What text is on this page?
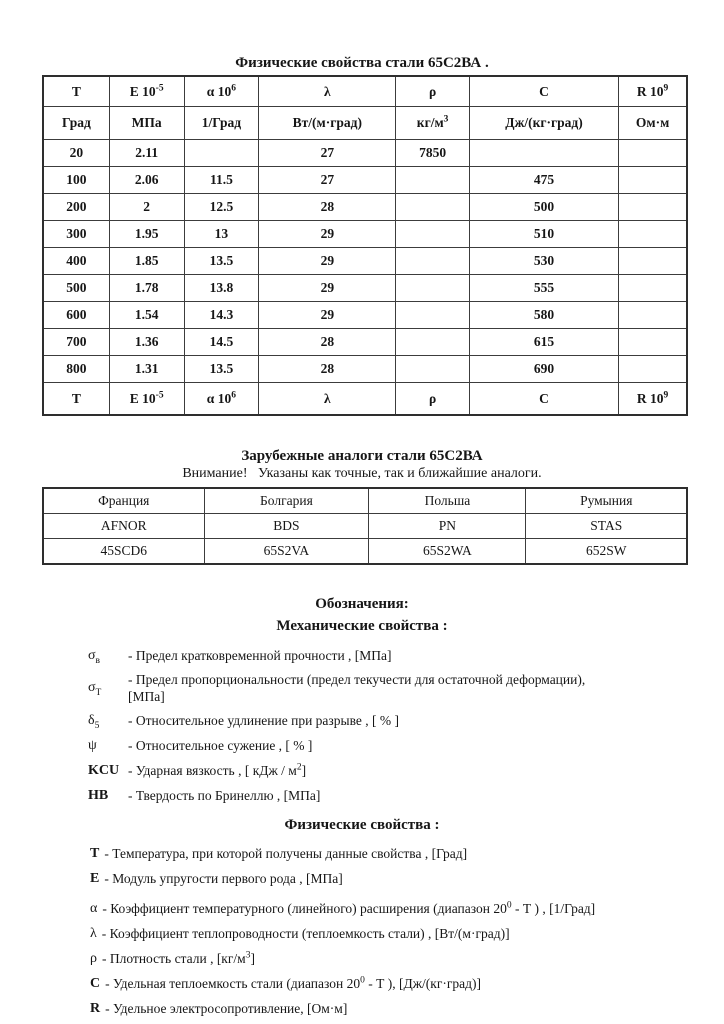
Физические свойства стали 65С2ВА .
Т	Е $10^{-5}$	α $10^6$	λ	ρ	С	R $10^9$
Град	МПа	1/Град	Вт/(м·град)	$кг/м^3$	Дж/(кг·град)	Ом·м
20	2.11		27	7850		
100	2.06	11.5	27		475	
200	2	12.5	28		500	
300	1.95	13	29		510	
400	1.85	13.5	29		530	
500	1.78	13.8	29		555	
600	1.54	14.3	29		580	
700	1.36	14.5	28		615	
800	1.31	13.5	28		690	
Т	Е $10^{-5}$	α $10^6$	λ	ρ	С	R $10^9$
Зарубежные аналоги стали 65С2ВА
Внимание!   Указаны как точные, так и ближайшие аналоги.
Франция	Болгария	Польша	Румыния
AFNOR	BDS	PN	STAS
45SCD6	65S2VA	65S2WA	652SW
Обозначения:
Механические свойства :
$\sigma_в$	- Предел кратковременной прочности , [МПа]
$\sigma_Т$
- Предел пропорциональности (предел текучести для остаточной деформации),
[МПа]
$\delta_5$	- Относительное удлинение при разрыве , [ % ]
ψ	- Относительное сужение , [ % ]
KCU - Ударная вязкость , [ кДж / $м^2$]
НВ	- Твердость по Бринеллю , [МПа]
Физические свойства :
Т - Температура, при которой получены данные свойства , [Град]
Е - Модуль упругости первого рода , [МПа]
α - Коэффициент температурного (линейного) расширения (диапазон $20^0$ - Т ) , [1/Град]
λ - Коэффициент теплопроводности (теплоемкость стали) , [Вт/(м·град)]
ρ - Плотность стали , $[кг/м^3]$
С - Удельная теплоемкость стали (диапазон $20^0$ - Т ), [Дж/(кг·град)]
R - Удельное электросопротивление, [Ом·м]
